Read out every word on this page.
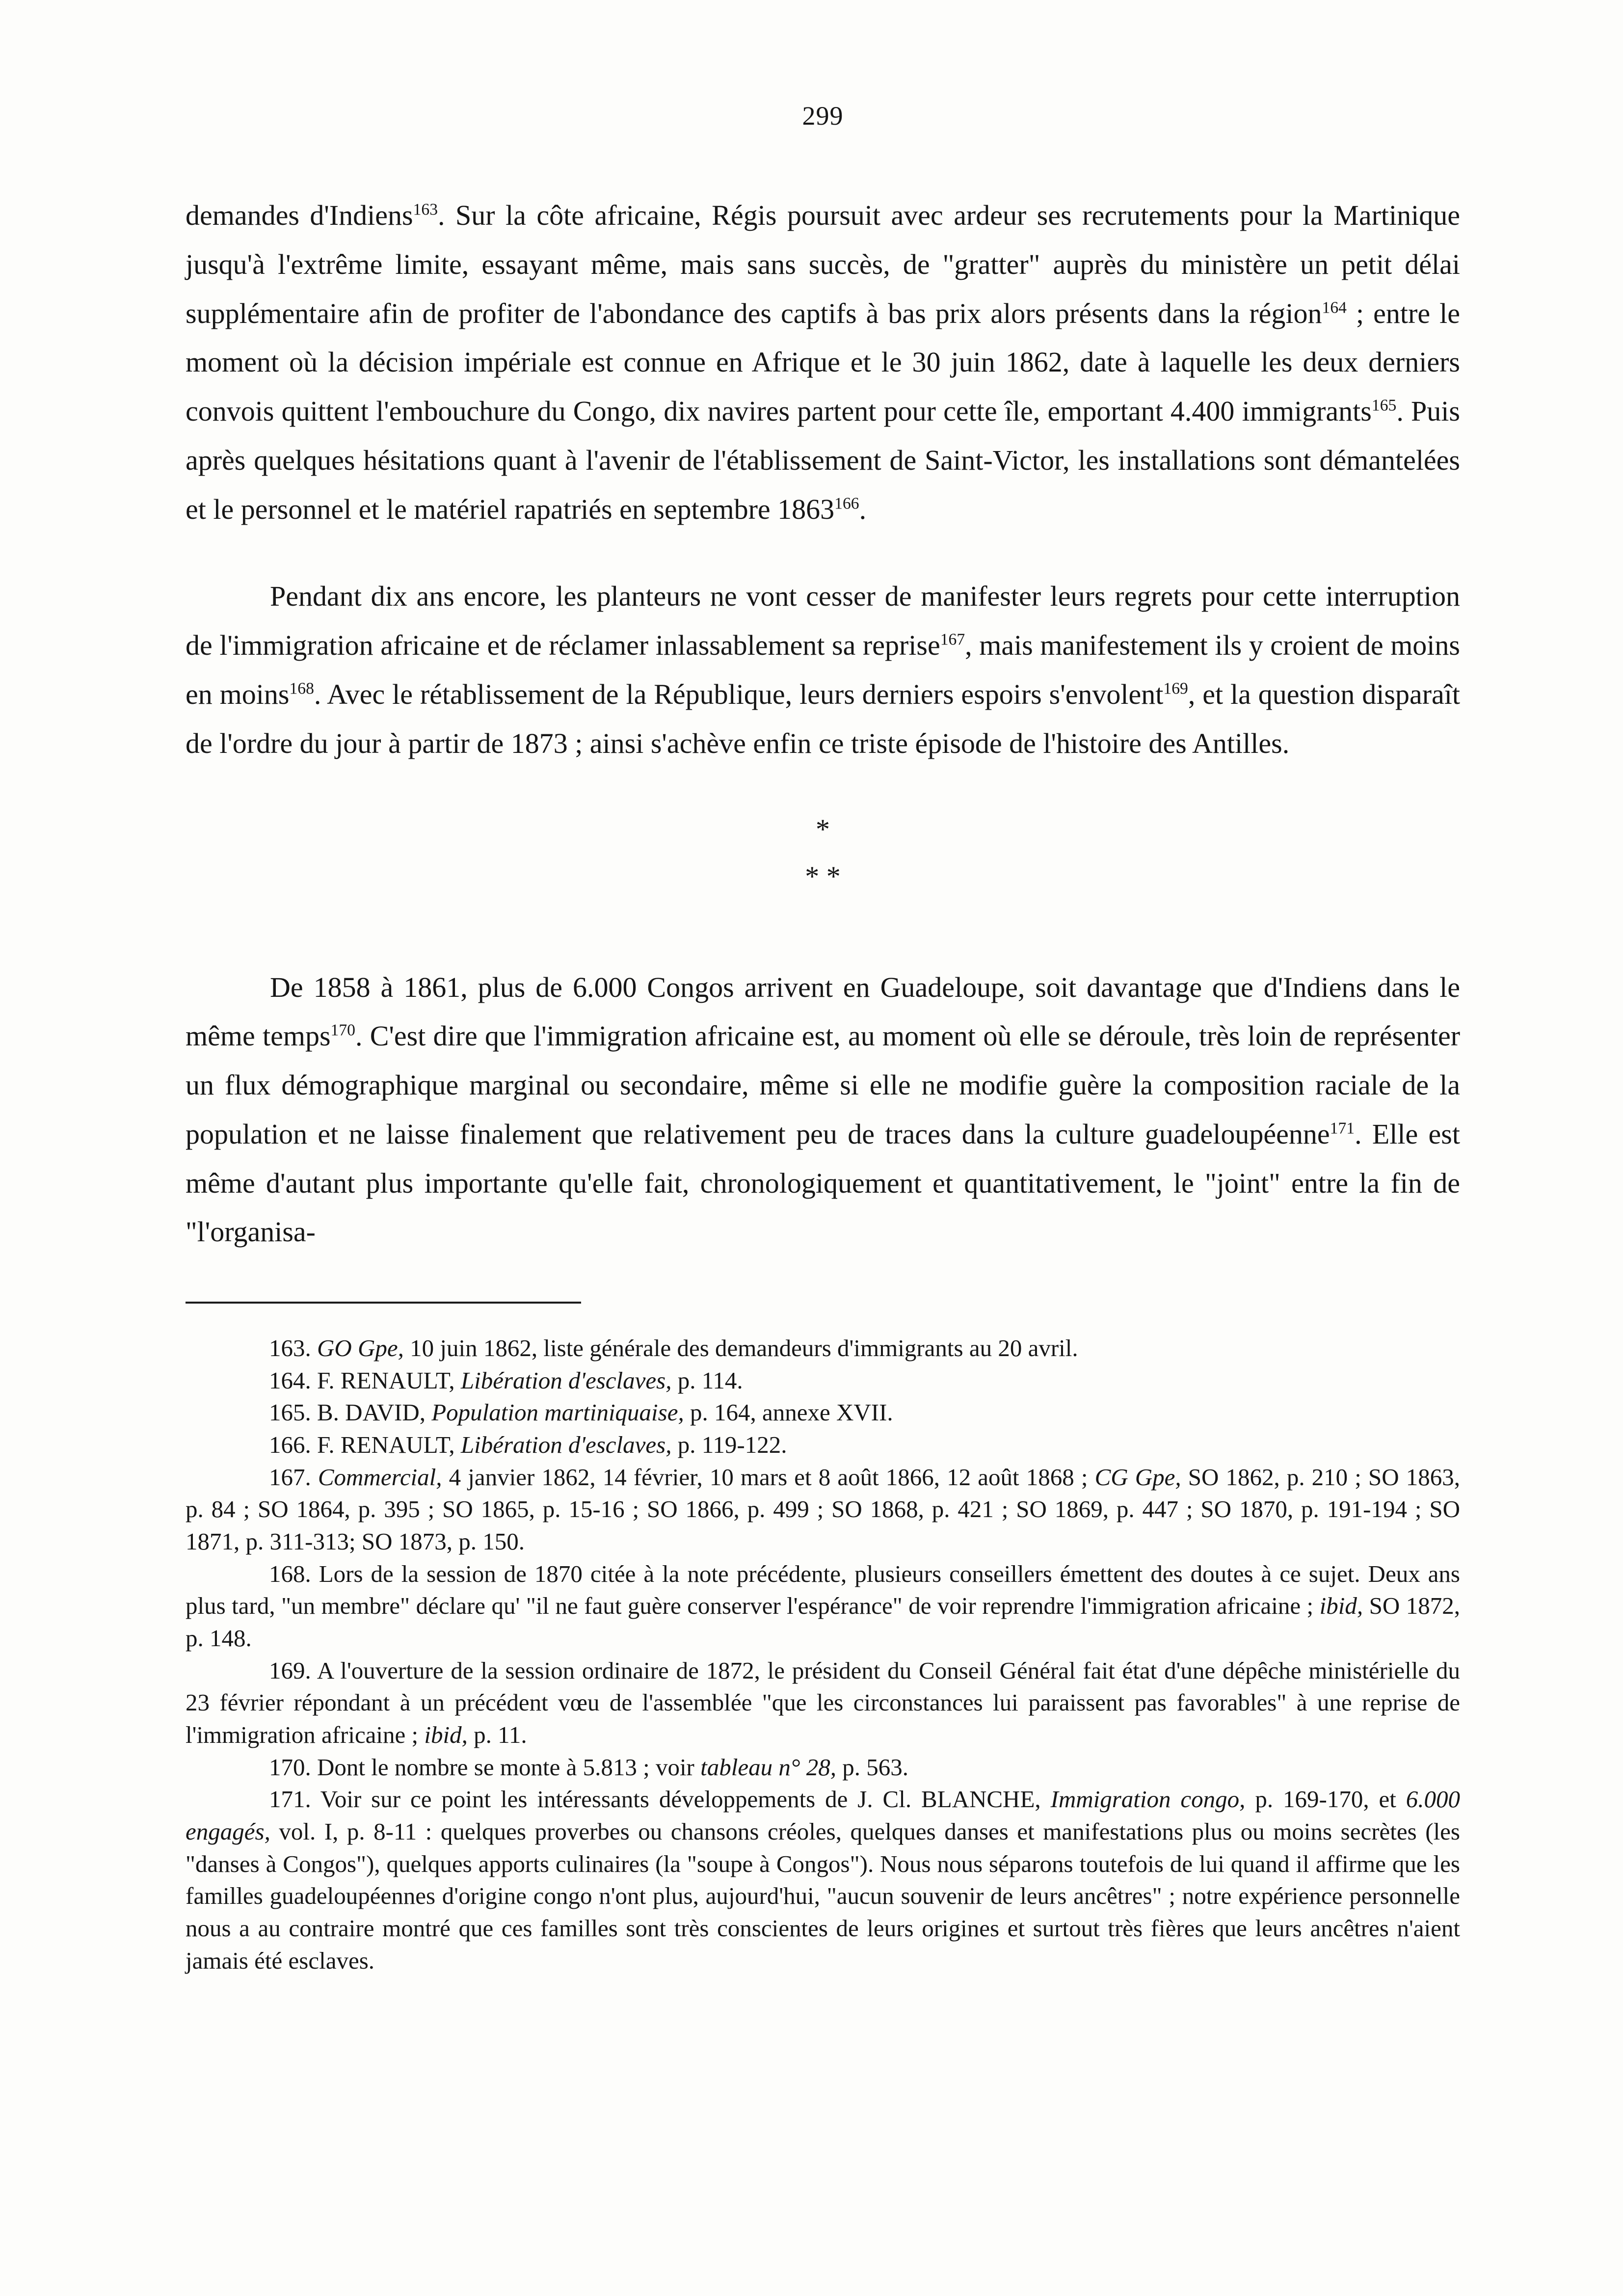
299

demandes d'Indiens$^{163}$. Sur la côte africaine, Régis poursuit avec ardeur ses recrutements pour la Martinique jusqu'à l'extrême limite, essayant même, mais sans succès, de "gratter" auprès du ministère un petit délai supplémentaire afin de profiter de l'abondance des captifs à bas prix alors présents dans la région$^{164}$ ; entre le moment où la décision impériale est connue en Afrique et le 30 juin 1862, date à laquelle les deux derniers convois quittent l'embouchure du Congo, dix navires partent pour cette île, emportant 4.400 immigrants$^{165}$. Puis après quelques hésitations quant à l'avenir de l'établissement de Saint-Victor, les installations sont démantelées et le personnel et le matériel rapatriés en septembre 1863$^{166}$.

Pendant dix ans encore, les planteurs ne vont cesser de manifester leurs regrets pour cette interruption de l'immigration africaine et de réclamer inlassablement sa reprise$^{167}$, mais manifestement ils y croient de moins en moins$^{168}$. Avec le rétablissement de la République, leurs derniers espoirs s'envolent$^{169}$, et la question disparaît de l'ordre du jour à partir de 1873 ; ainsi s'achève enfin ce triste épisode de l'histoire des Antilles.

*
* *

De 1858 à 1861, plus de 6.000 Congos arrivent en Guadeloupe, soit davantage que d'Indiens dans le même temps$^{170}$. C'est dire que l'immigration africaine est, au moment où elle se déroule, très loin de représenter un flux démographique marginal ou secondaire, même si elle ne modifie guère la composition raciale de la population et ne laisse finalement que relativement peu de traces dans la culture guadeloupéenne$^{171}$. Elle est même d'autant plus importante qu'elle fait, chronologiquement et quantitativement, le "joint" entre la fin de "l'organisa-

163. GO Gpe, 10 juin 1862, liste générale des demandeurs d'immigrants au 20 avril.

164. F. RENAULT, Libération d'esclaves, p. 114.

165. B. DAVID, Population martiniquaise, p. 164, annexe XVII.

166. F. RENAULT, Libération d'esclaves, p. 119-122.

167. Commercial, 4 janvier 1862, 14 février, 10 mars et 8 août 1866, 12 août 1868 ; CG Gpe, SO 1862, p. 210 ; SO 1863, p. 84 ; SO 1864, p. 395 ; SO 1865, p. 15-16 ; SO 1866, p. 499 ; SO 1868, p. 421 ; SO 1869, p. 447 ; SO 1870, p. 191-194 ; SO 1871, p. 311-313; SO 1873, p. 150.

168. Lors de la session de 1870 citée à la note précédente, plusieurs conseillers émettent des doutes à ce sujet. Deux ans plus tard, "un membre" déclare qu' "il ne faut guère conserver l'espérance" de voir reprendre l'immigration africaine ; ibid, SO 1872, p. 148.

169. A l'ouverture de la session ordinaire de 1872, le président du Conseil Général fait état d'une dépêche ministérielle du 23 février répondant à un précédent vœu de l'assemblée "que les circonstances lui paraissent pas favorables" à une reprise de l'immigration africaine ; ibid, p. 11.

170. Dont le nombre se monte à 5.813 ; voir tableau n° 28, p. 563.

171. Voir sur ce point les intéressants développements de J. Cl. BLANCHE, Immigration congo, p. 169-170, et 6.000 engagés, vol. I, p. 8-11 : quelques proverbes ou chansons créoles, quelques danses et manifestations plus ou moins secrètes (les "danses à Congos"), quelques apports culinaires (la "soupe à Congos"). Nous nous séparons toutefois de lui quand il affirme que les familles guadeloupéennes d'origine congo n'ont plus, aujourd'hui, "aucun souvenir de leurs ancêtres" ; notre expérience personnelle nous a au contraire montré que ces familles sont très conscientes de leurs origines et surtout très fières que leurs ancêtres n'aient jamais été esclaves.
